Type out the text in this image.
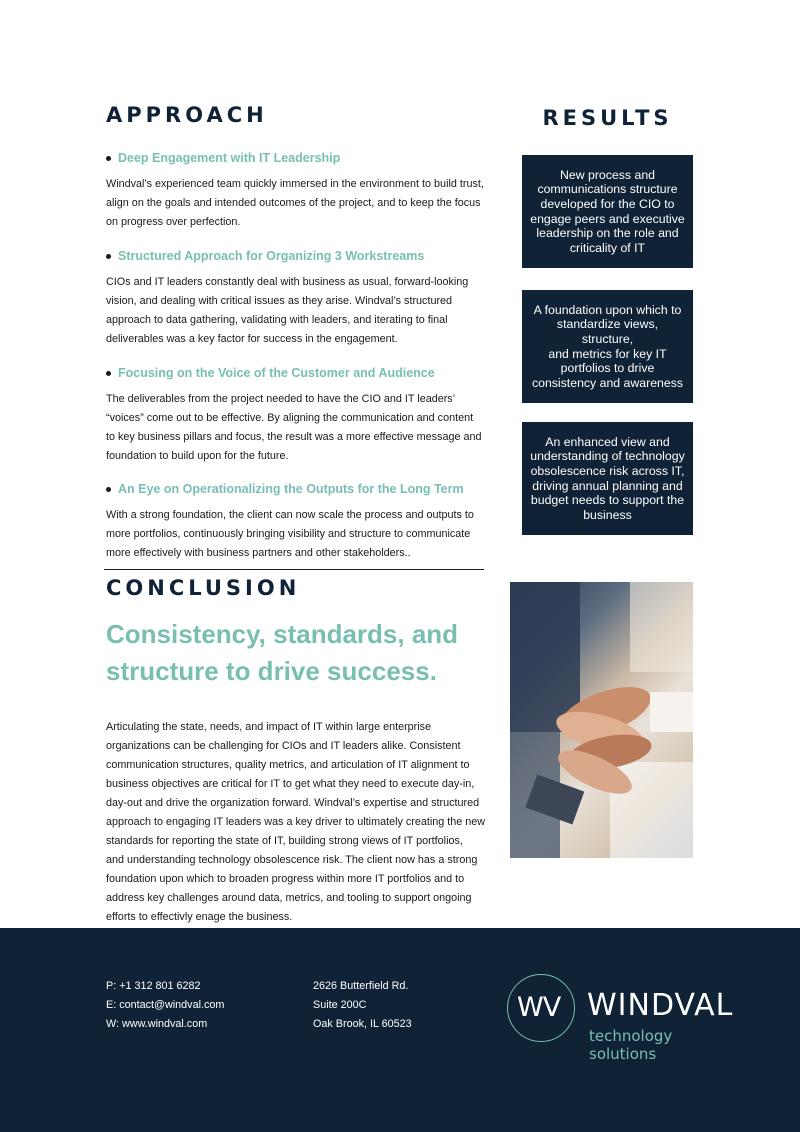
APPROACH
Deep Engagement with IT Leadership
Windval’s experienced team quickly immersed in the environment to build trust,
align on the goals and intended outcomes of the project, and to keep the focus
on progress over perfection.
Structured Approach for Organizing 3 Workstreams
CIOs and IT leaders constantly deal with business as usual, forward-looking
vision, and dealing with critical issues as they arise. Windval’s structured
approach to data gathering, validating with leaders, and iterating to final
deliverables was a key factor for success in the engagement.
Focusing on the Voice of the Customer and Audience
The deliverables from the project needed to have the CIO and IT leaders’
“voices” come out to be effective. By aligning the communication and content
to key business pillars and focus, the result was a more effective message and
foundation to build upon for the future.
An Eye on Operationalizing the Outputs for the Long Term
With a strong foundation, the client can now scale the process and outputs to
more portfolios, continuously bringing visibility and structure to communicate
more effectively with business partners and other stakeholders..
RESULTS
New process and
communications structure
developed for the CIO to
engage peers and executive
leadership on the role and
criticality of IT
A foundation upon which to
standardize views, structure,
and metrics for key IT
portfolios to drive
consistency and awareness
An enhanced view and
understanding of technology
obsolescence risk across IT,
driving annual planning and
budget needs to support the
business
CONCLUSION
Consistency, standards, and
structure to drive success.
Articulating the state, needs, and impact of IT within large enterprise
organizations can be challenging for CIOs and IT leaders alike. Consistent
communication structures, quality metrics, and articulation of IT alignment to
business objectives are critical for IT to get what they need to execute day-in,
day-out and drive the organization forward. Windval’s expertise and structured
approach to engaging IT leaders was a key driver to ultimately creating the new
standards for reporting the state of IT, building strong views of IT portfolios,
and understanding technology obsolescence risk. The client now has a strong
foundation upon which to broaden progress within more IT portfolios and to
address key challenges around data, metrics, and tooling to support ongoing
efforts to effectivly enage the business.
P: +1 312 801 6282
E: contact@windval.com
W: www.windval.com
2626 Butterfield Rd.
Suite 200C
Oak Brook, IL 60523
WV WINDVAL
technology solutions
